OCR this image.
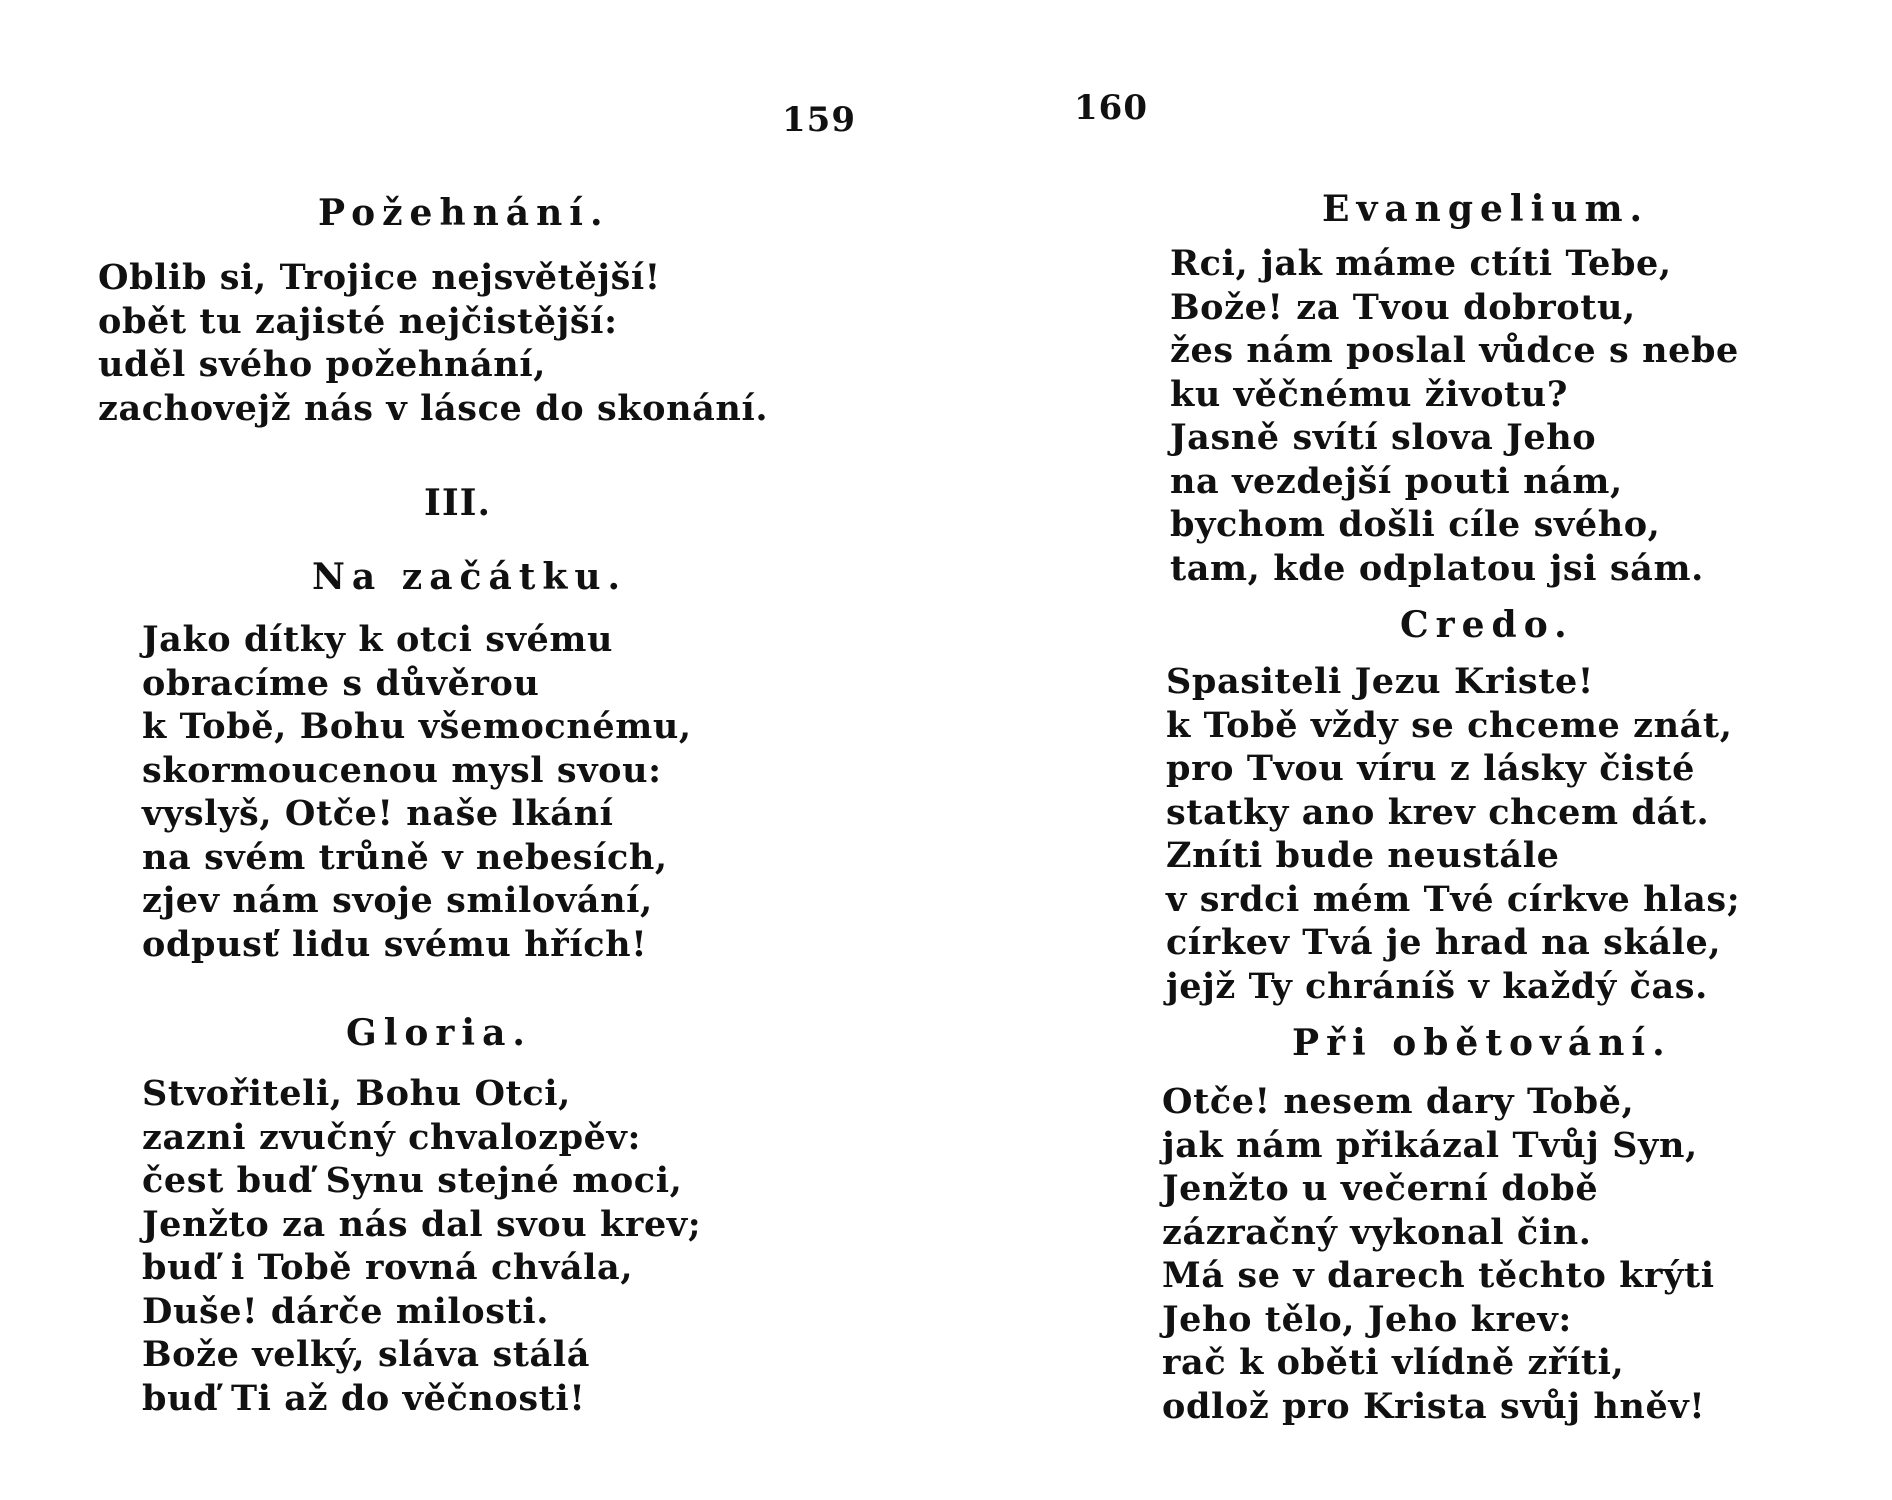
159
Požehnání.
Oblib si, Trojice nejsvětější!
obět tu zajisté nejčistější:
uděl svého požehnání,
zachovejž nás v lásce do skonání.
III.
Na začátku.
Jako dítky k otci svému
obracíme s důvěrou
k Tobě, Bohu všemocnému,
skormoucenou mysl svou:
vyslyš, Otče! naše lkání
na svém trůně v nebesích,
zjev nám svoje smilování,
odpusť lidu svému hřích!
Gloria.
Stvořiteli, Bohu Otci,
zazni zvučný chvalozpěv:
čest buď Synu stejné moci,
Jenžto za nás dal svou krev;
buď i Tobě rovná chvála,
Duše! dárče milosti.
Bože velký, sláva stálá
buď Ti až do věčnosti!
160
Evangelium.
Rci, jak máme ctíti Tebe,
Bože! za Tvou dobrotu,
žes nám poslal vůdce s nebe
ku věčnému životu?
Jasně svítí slova Jeho
na vezdejší pouti nám,
bychom došli cíle svého,
tam, kde odplatou jsi sám.
Credo.
Spasiteli Jezu Kriste!
k Tobě vždy se chceme znát,
pro Tvou víru z lásky čisté
statky ano krev chcem dát.
Zníti bude neustále
v srdci mém Tvé církve hlas;
církev Tvá je hrad na skále,
jejž Ty chráníš v každý čas.
Při obětování.
Otče! nesem dary Tobě,
jak nám přikázal Tvůj Syn,
Jenžto u večerní době
zázračný vykonal čin.
Má se v darech těchto krýti
Jeho tělo, Jeho krev:
rač k oběti vlídně zříti,
odlož pro Krista svůj hněv!
